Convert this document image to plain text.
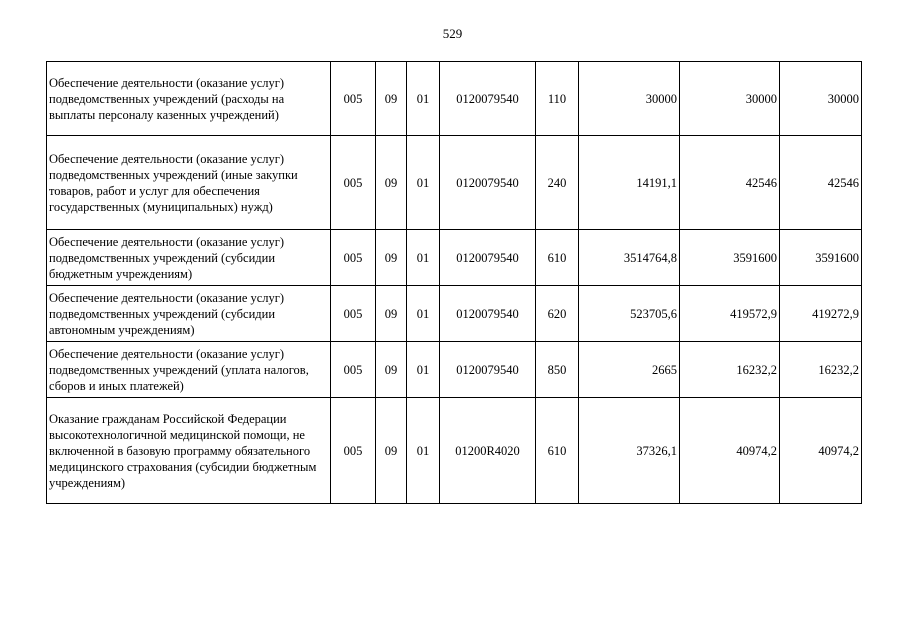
529
Обеспечение деятельности (оказание услуг) подведомственных учреждений (расходы на выплаты персоналу казенных учреждений)	005	09	01	0120079540	110	30000	30000	30000
Обеспечение деятельности (оказание услуг) подведомственных учреждений (иные закупки товаров, работ и услуг для обеспечения государственных (муниципальных) нужд)	005	09	01	0120079540	240	14191,1	42546	42546
Обеспечение деятельности (оказание услуг) подведомственных учреждений (субсидии бюджетным учреждениям)	005	09	01	0120079540	610	3514764,8	3591600	3591600
Обеспечение деятельности (оказание услуг) подведомственных учреждений (субсидии автономным учреждениям)	005	09	01	0120079540	620	523705,6	419572,9	419272,9
Обеспечение деятельности (оказание услуг) подведомственных учреждений (уплата налогов, сборов и иных платежей)	005	09	01	0120079540	850	2665	16232,2	16232,2
Оказание гражданам Российской Федерации высокотехнологичной медицинской помощи, не включенной в базовую программу обязательного медицинского страхования (субсидии бюджетным учреждениям)	005	09	01	01200R4020	610	37326,1	40974,2	40974,2
